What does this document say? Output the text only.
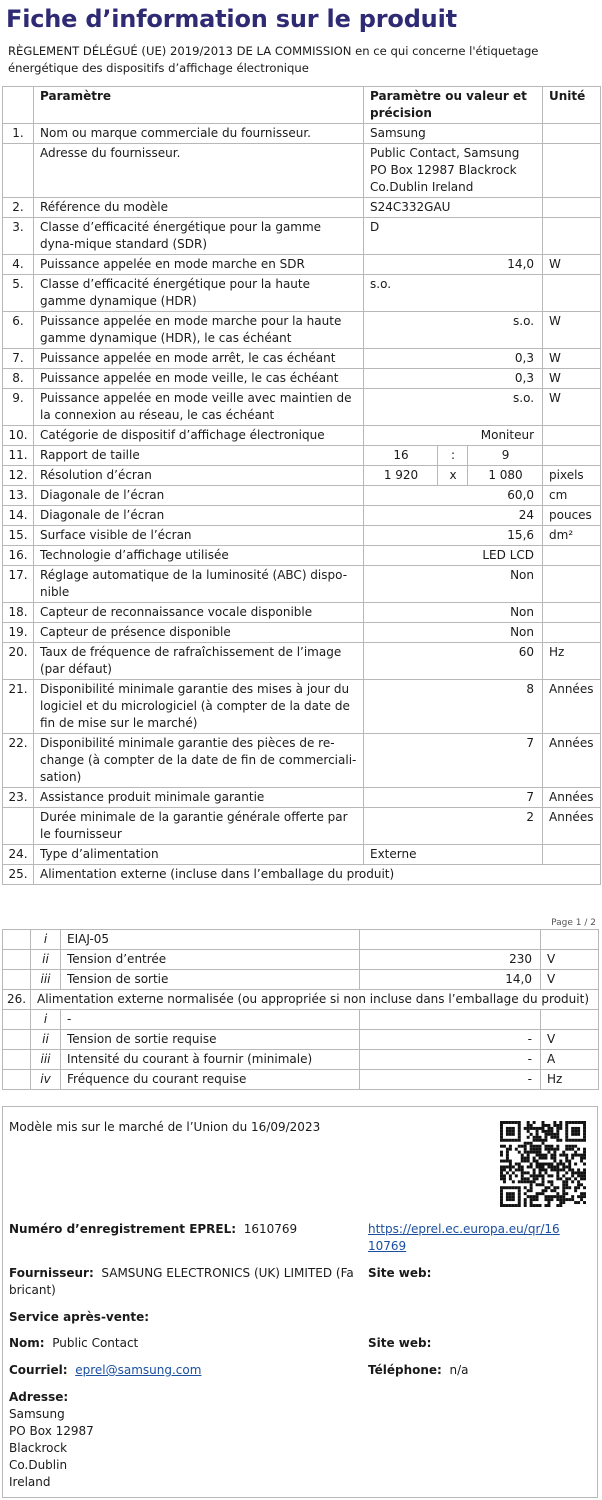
Fiche d’information sur le produit
RÈGLEMENT DÉLÉGUÉ (UE) 2019/2013 DE LA COMMISSION en ce qui concerne l'étiquetage énergétique des dispositifs d’affichage électronique
	Paramètre	Paramètre ou valeur et précision			Unité
1.	Nom ou marque commerciale du fournisseur.	Samsung			
	Adresse du fournisseur.	Public Contact, Samsung PO Box 12987 Blackrock Co.Dublin Ireland			
2.	Référence du modèle	S24C332GAU			
3.	Classe d’efficacité énergétique pour la gamme dyna-mique standard (SDR)	D			
4.	Puissance appelée en mode marche en SDR	14,0			W
5.	Classe d’efficacité énergétique pour la haute gamme dynamique (HDR)	s.o.			
6.	Puissance appelée en mode marche pour la haute gamme dynamique (HDR), le cas échéant	s.o.			W
7.	Puissance appelée en mode arrêt, le cas échéant	0,3			W
8.	Puissance appelée en mode veille, le cas échéant	0,3			W
9.	Puissance appelée en mode veille avec maintien de la connexion au réseau, le cas échéant	s.o.			W
10.	Catégorie de dispositif d’affichage électronique	Moniteur			
11.	Rapport de taille	16	:	9	
12.	Résolution d’écran	1 920	x	1 080	pixels
13.	Diagonale de l’écran	60,0			cm
14.	Diagonale de l’écran	24			pouces
15.	Surface visible de l’écran	15,6			dm²
16.	Technologie d’affichage utilisée	LED LCD			
17.	Réglage automatique de la luminosité (ABC) dispo-nible	Non			
18.	Capteur de reconnaissance vocale disponible	Non			
19.	Capteur de présence disponible	Non			
20.	Taux de fréquence de rafraîchissement de l’image (par défaut)	60			Hz
21.	Disponibilité minimale garantie des mises à jour du logiciel et du micrologiciel (à compter de la date de fin de mise sur le marché)	8			Années
22.	Disponibilité minimale garantie des pièces de re-change (à compter de la date de fin de commerciali-sation)	7			Années
23.	Assistance produit minimale garantie	7			Années
	Durée minimale de la garantie générale offerte par le fournisseur	2			Années
24.	Type d’alimentation	Externe			
25.	Alimentation externe (incluse dans l’emballage du produit)				
Page 1 / 2
	i	EIAJ-05		
	ii	Tension d’entrée	230	V
	iii	Tension de sortie	14,0	V
26.	Alimentation externe normalisée (ou appropriée si non incluse dans l’emballage du produit)			
	i	-		
	ii	Tension de sortie requise	-	V
	iii	Intensité du courant à fournir (minimale)	-	A
	iv	Fréquence du courant requise	-	Hz
Modèle mis sur le marché de l’Union du 16/09/2023
Numéro d’enregistrement EPREL: 1610769	https://eprel.ec.europa.eu/qr/16
10769
Fournisseur: SAMSUNG ELECTRONICS (UK) LIMITED (Fa
bricant)
Site web:
Service après-vente:
Nom: Public Contact	Site web:
Courriel: eprel@samsung.com	Téléphone: n/a
Adresse:
Samsung
PO Box 12987
Blackrock
Co.Dublin
Ireland
